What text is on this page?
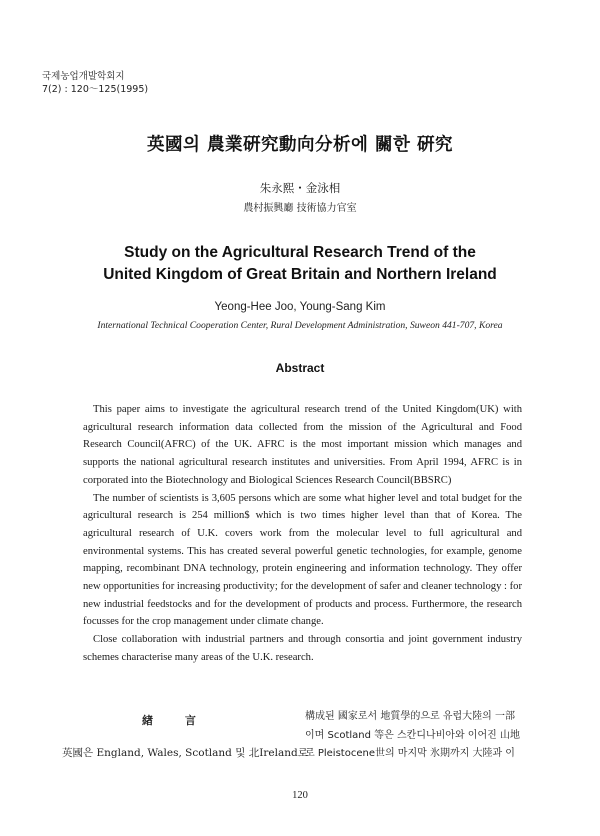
국제농업개발학회지
7(2) : 120～125(1995)
英國의 農業硏究動向分析에 關한 硏究
朱永熙・金泳相
農村振興廳 技術協力官室
Study on the Agricultural Research Trend of the
United Kingdom of Great Britain and Northern Ireland
Yeong-Hee Joo, Young-Sang Kim
International Technical Cooperation Center, Rural Development Administration, Suweon 441-707, Korea
Abstract

This paper aims to investigate the agricultural research trend of the United Kingdom(UK) with agricultural research information data collected from the mission of the Agricultural and Food Research Council(AFRC) of the UK. AFRC is the most important mission which manages and supports the national agricultural research institutes and universities. From April 1994, AFRC is in corporated into the Biotechnology and Biological Sciences Research Council(BBSRC)

The number of scientists is 3,605 persons which are some what higher level and total budget for the agricultural research is 254 million$ which is two times higher level than that of Korea. The agricultural research of U.K. covers work from the molecular level to full agricultural and environmental systems. This has created several powerful genetic technologies, for example, genome mapping, recombinant DNA technology, protein engineering and information technology. They offer new opportunities for increasing productivity; for the development of safer and cleaner technology : for new industrial feedstocks and for the development of products and process. Furthermore, the research focusses for the crop management under climate change.

Close collaboration with industrial partners and through consortia and joint government industry schemes characterise many areas of the U.K. research.

緖 言
英國은 England, Wales, Scotland 및 北Ireland로
構成된 國家로서 地質學的으로 유럽大陸의 一部
이며 Scotland 等은 스칸디나비아와 이어진 山地
로 Pleistocene世의 마지막 氷期까지 大陸과 이
120
